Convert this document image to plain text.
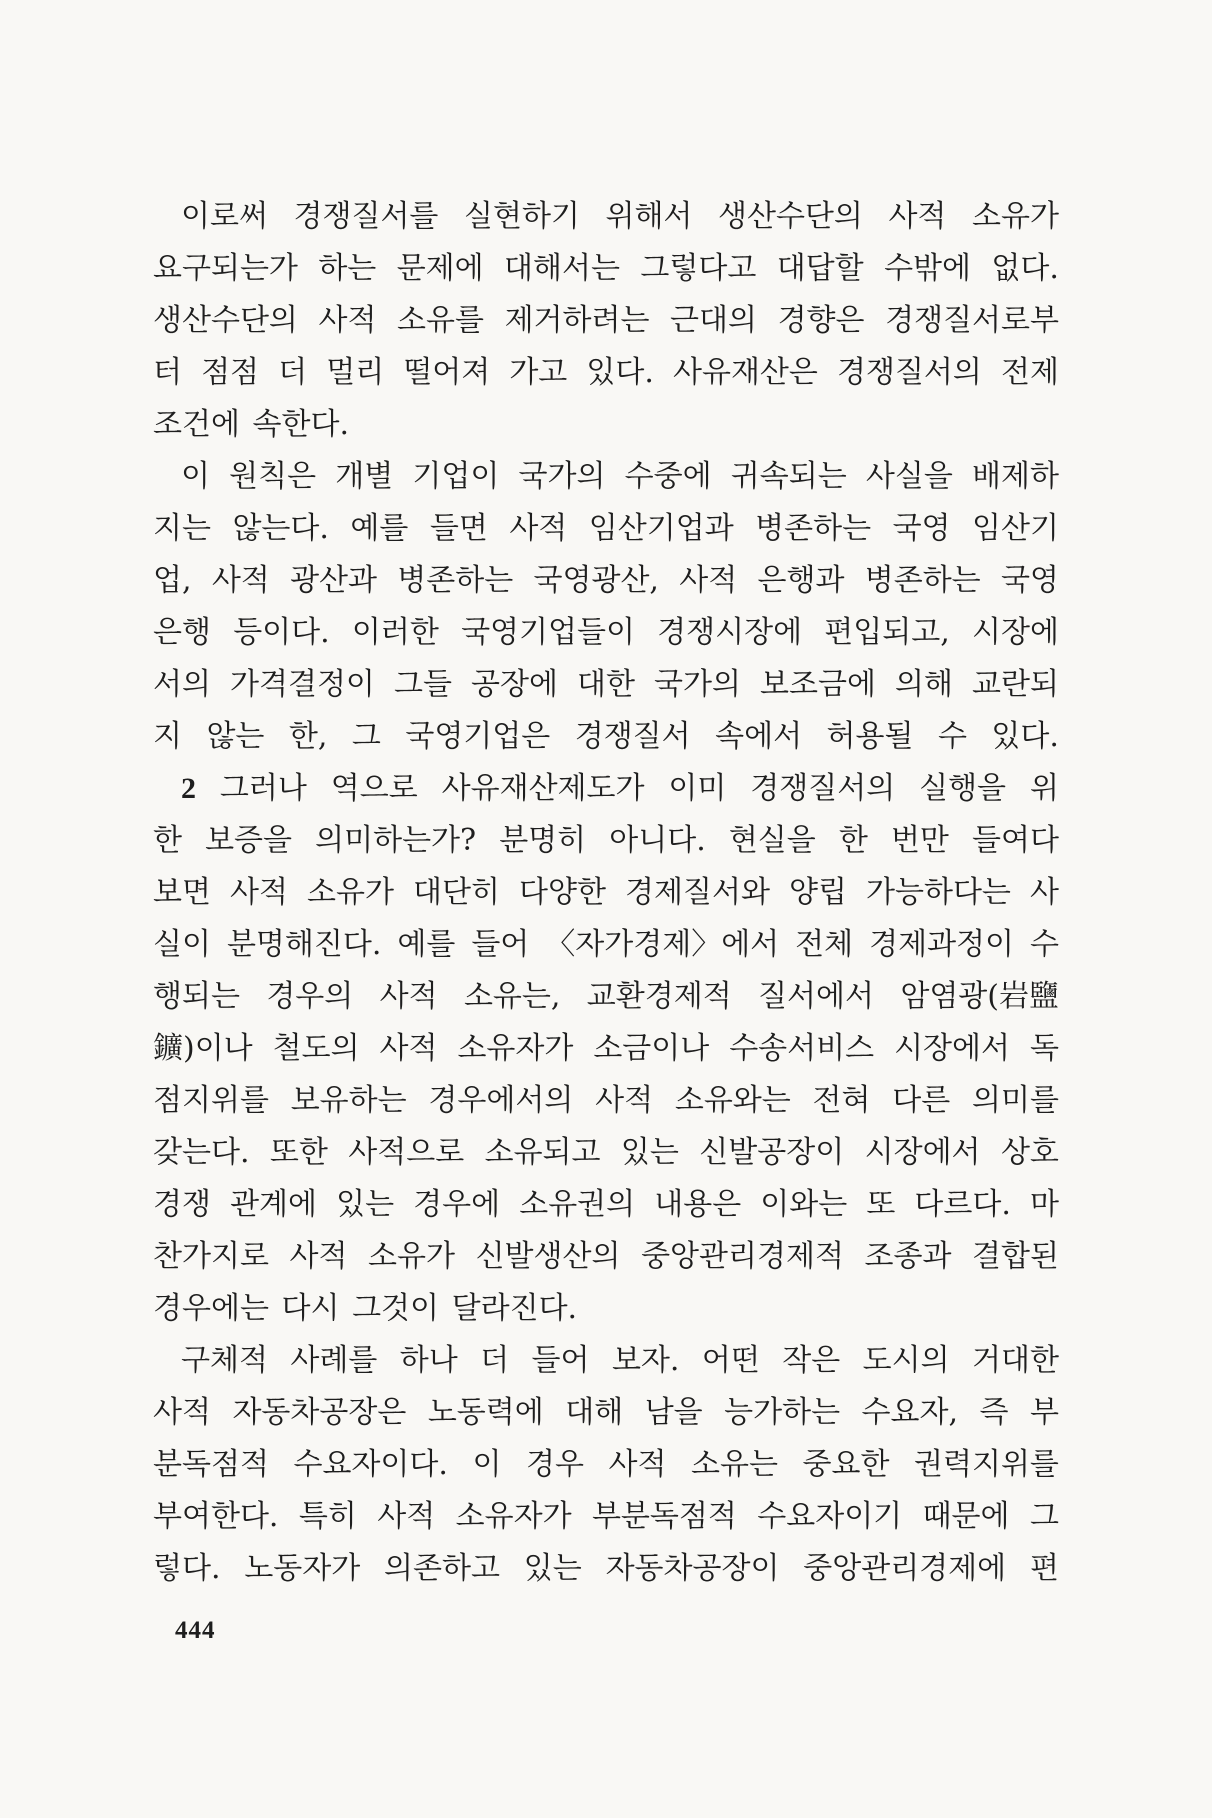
이로써 경쟁질서를 실현하기 위해서 생산수단의 사적 소유가
요구되는가 하는 문제에 대해서는 그렇다고 대답할 수밖에 없다.
생산수단의 사적 소유를 제거하려는 근대의 경향은 경쟁질서로부
터 점점 더 멀리 떨어져 가고 있다. 사유재산은 경쟁질서의 전제
조건에 속한다.
이 원칙은 개별 기업이 국가의 수중에 귀속되는 사실을 배제하
지는 않는다. 예를 들면 사적 임산기업과 병존하는 국영 임산기
업, 사적 광산과 병존하는 국영광산, 사적 은행과 병존하는 국영
은행 등이다. 이러한 국영기업들이 경쟁시장에 편입되고, 시장에
서의 가격결정이 그들 공장에 대한 국가의 보조금에 의해 교란되
지 않는 한, 그 국영기업은 경쟁질서 속에서 허용될 수 있다.
2 그러나 역으로 사유재산제도가 이미 경쟁질서의 실행을 위
한 보증을 의미하는가? 분명히 아니다. 현실을 한 번만 들여다
보면 사적 소유가 대단히 다양한 경제질서와 양립 가능하다는 사
실이 분명해진다. 예를 들어 〈자가경제〉에서 전체 경제과정이 수
행되는 경우의 사적 소유는, 교환경제적 질서에서 암염광(岩鹽
鑛)이나 철도의 사적 소유자가 소금이나 수송서비스 시장에서 독
점지위를 보유하는 경우에서의 사적 소유와는 전혀 다른 의미를
갖는다. 또한 사적으로 소유되고 있는 신발공장이 시장에서 상호
경쟁 관계에 있는 경우에 소유권의 내용은 이와는 또 다르다. 마
찬가지로 사적 소유가 신발생산의 중앙관리경제적 조종과 결합된
경우에는 다시 그것이 달라진다.
구체적 사례를 하나 더 들어 보자. 어떤 작은 도시의 거대한
사적 자동차공장은 노동력에 대해 남을 능가하는 수요자, 즉 부
분독점적 수요자이다. 이 경우 사적 소유는 중요한 권력지위를
부여한다. 특히 사적 소유자가 부분독점적 수요자이기 때문에 그
렇다. 노동자가 의존하고 있는 자동차공장이 중앙관리경제에 편
444
